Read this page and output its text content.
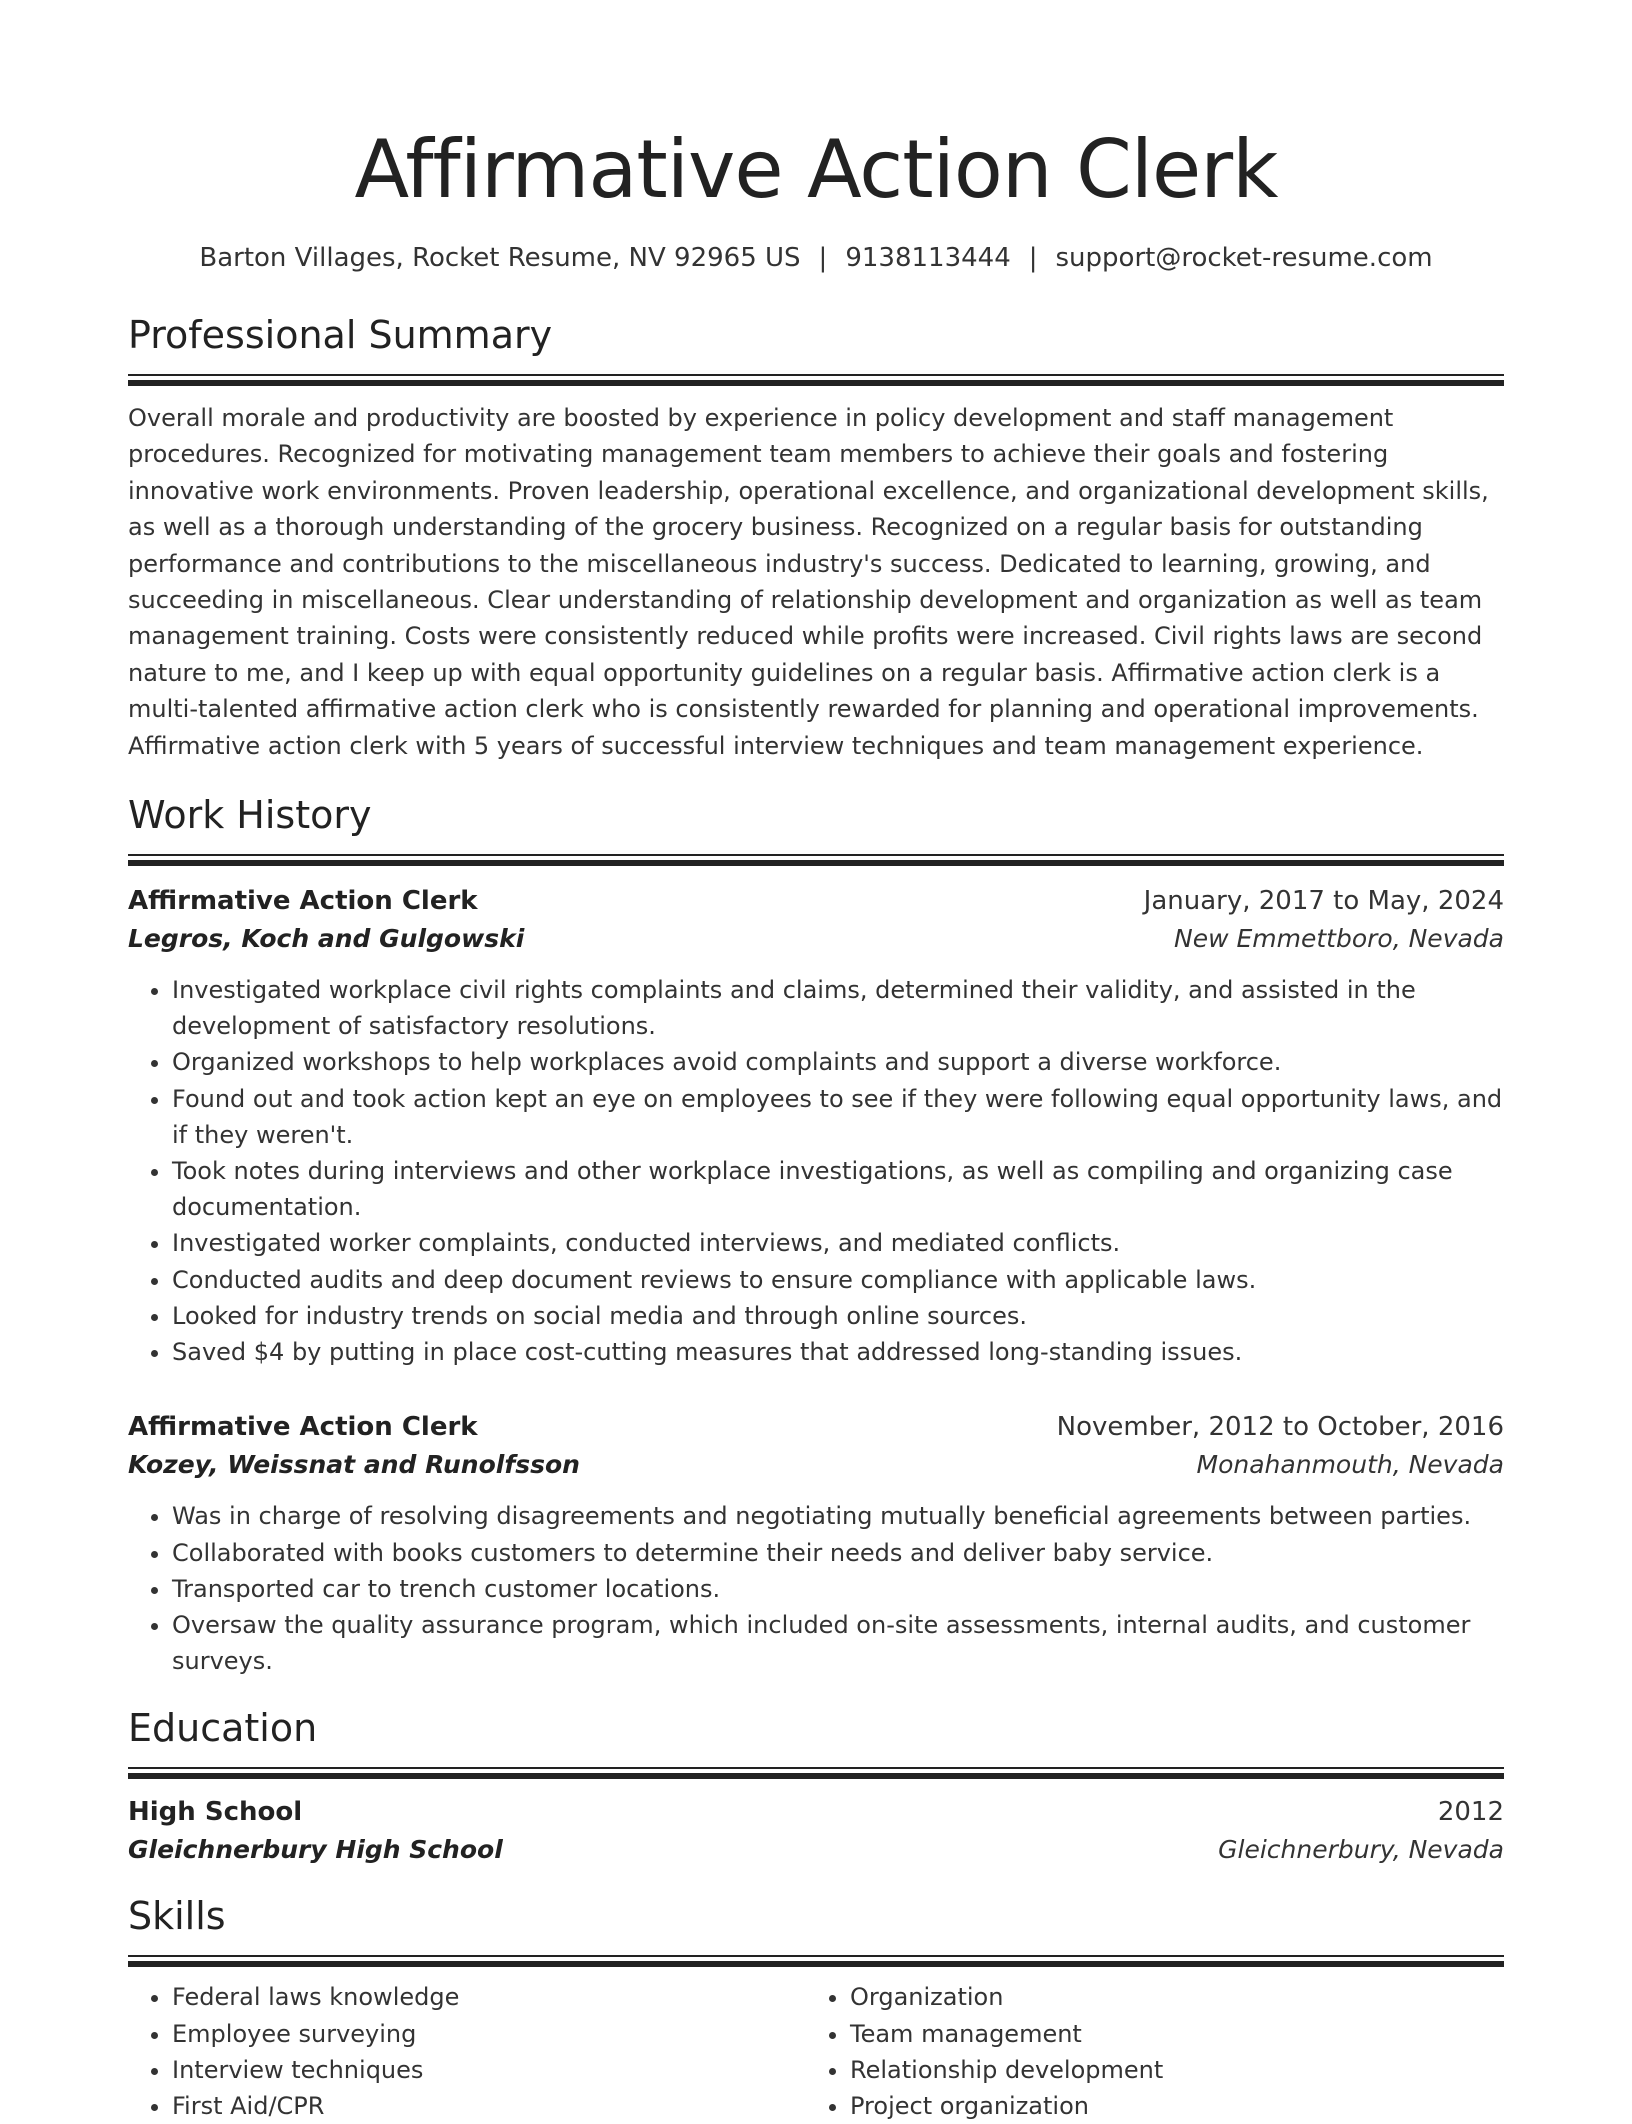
Affirmative Action Clerk
Barton Villages, Rocket Resume, NV 92965 US | 9138113444 | support@rocket-resume.com
Professional Summary

Overall morale and productivity are boosted by experience in policy development and staff management procedures. Recognized for motivating management team members to achieve their goals and fostering innovative work environments. Proven leadership, operational excellence, and organizational development skills, as well as a thorough understanding of the grocery business. Recognized on a regular basis for outstanding performance and contributions to the miscellaneous industry's success. Dedicated to learning, growing, and succeeding in miscellaneous. Clear understanding of relationship development and organization as well as team management training. Costs were consistently reduced while profits were increased. Civil rights laws are second nature to me, and I keep up with equal opportunity guidelines on a regular basis. Affirmative action clerk is a multi-talented affirmative action clerk who is consistently rewarded for planning and operational improvements. Affirmative action clerk with 5 years of successful interview techniques and team management experience.

Work History
Affirmative Action Clerk	January, 2017 to May, 2024
Legros, Koch and Gulgowski	New Emmettboro, Nevada
• Investigated workplace civil rights complaints and claims, determined their validity, and assisted in the development of satisfactory resolutions.
• Organized workshops to help workplaces avoid complaints and support a diverse workforce.
• Found out and took action kept an eye on employees to see if they were following equal opportunity laws, and if they weren't.
• Took notes during interviews and other workplace investigations, as well as compiling and organizing case documentation.
• Investigated worker complaints, conducted interviews, and mediated conflicts.
• Conducted audits and deep document reviews to ensure compliance with applicable laws.
• Looked for industry trends on social media and through online sources.
• Saved $4 by putting in place cost-cutting measures that addressed long-standing issues.
Affirmative Action Clerk	November, 2012 to October, 2016
Kozey, Weissnat and Runolfsson	Monahanmouth, Nevada
• Was in charge of resolving disagreements and negotiating mutually beneficial agreements between parties.
• Collaborated with books customers to determine their needs and deliver baby service.
• Transported car to trench customer locations.
• Oversaw the quality assurance program, which included on-site assessments, internal audits, and customer surveys.
Education
High School	2012
Gleichnerbury High School	Gleichnerbury, Nevada
Skills
• Federal laws knowledge
• Employee surveying
• Interview techniques
• First Aid/CPR
• Organization
• Team management
• Relationship development
• Project organization
